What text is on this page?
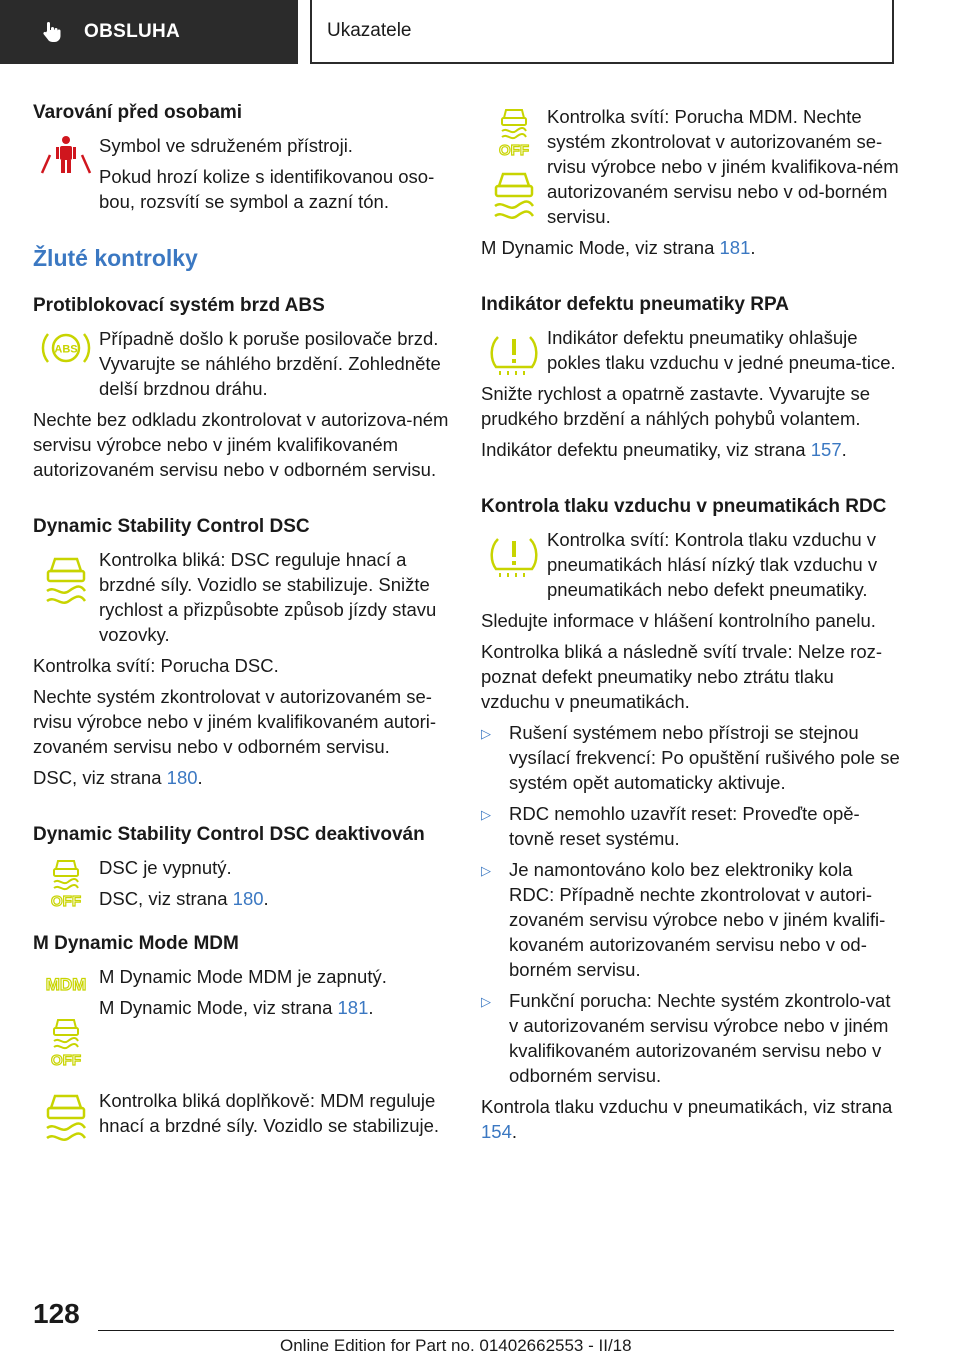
OBSLUHA	Ukazatele
Varování před osobami
Symbol ve sdruženém přístroji.
Pokud hrozí kolize s identifikovanou oso-bou, rozsvítí se symbol a zazní tón.
Žluté kontrolky
Protiblokovací systém brzd ABS
ABS
Případně došlo k poruše posilovače brzd. Vyvarujte se náhlého brzdění. Zohledněte delší brzdnou dráhu.
Nechte bez odkladu zkontrolovat v autorizova-ném servisu výrobce nebo v jiném kvalifikovaném autorizovaném servisu nebo v odborném servisu.
Dynamic Stability Control DSC
Kontrolka bliká: DSC reguluje hnací a brzdné síly. Vozidlo se stabilizuje. Snižte rychlost a přizpůsobte způsob jízdy stavu vozovky.
Kontrolka svítí: Porucha DSC.
Nechte systém zkontrolovat v autorizovaném se-rvisu výrobce nebo v jiném kvalifikovaném autori-zovaném servisu nebo v odborném servisu.
DSC, viz strana 180.
Dynamic Stability Control DSC deaktivován
OFF
DSC je vypnutý.
DSC, viz strana 180.
M Dynamic Mode MDM
MDM
OFF
M Dynamic Mode MDM je zapnutý.
M Dynamic Mode, viz strana 181.
Kontrolka bliká doplňkově: MDM reguluje hnací a brzdné síly. Vozidlo se stabilizuje.
OFF
Kontrolka svítí: Porucha MDM. Nechte systém zkontrolovat v autorizovaném se-rvisu výrobce nebo v jiném kvalifikova-ném autorizovaném servisu nebo v od-borném servisu.
M Dynamic Mode, viz strana 181.
Indikátor defektu pneumatiky RPA
Indikátor defektu pneumatiky ohlašuje pokles tlaku vzduchu v jedné pneuma-tice.
Snižte rychlost a opatrně zastavte. Vyvarujte se prudkého brzdění a náhlých pohybů volantem.
Indikátor defektu pneumatiky, viz strana 157.
Kontrola tlaku vzduchu v pneumatikách RDC
Kontrolka svítí: Kontrola tlaku vzduchu v pneumatikách hlásí nízký tlak vzduchu v pneumatikách nebo defekt pneumatiky.
Sledujte informace v hlášení kontrolního panelu.
Kontrolka bliká a následně svítí trvale: Nelze roz-poznat defekt pneumatiky nebo ztrátu tlaku vzduchu v pneumatikách.
▷ Rušení systémem nebo přístroji se stejnou vysílací frekvencí: Po opuštění rušivého pole se systém opět automaticky aktivuje.
▷ RDC nemohlo uzavřít reset: Proveďte opě-tovně reset systému.
▷ Je namontováno kolo bez elektroniky kola RDC: Případně nechte zkontrolovat v autori-zovaném servisu výrobce nebo v jiném kvalifi-kovaném autorizovaném servisu nebo v od-borném servisu.
▷ Funkční porucha: Nechte systém zkontrolo-vat v autorizovaném servisu výrobce nebo v jiném kvalifikovaném autorizovaném servisu nebo v odborném servisu.
Kontrola tlaku vzduchu v pneumatikách, viz strana 154.
128
Online Edition for Part no. 01402662553 - II/18
